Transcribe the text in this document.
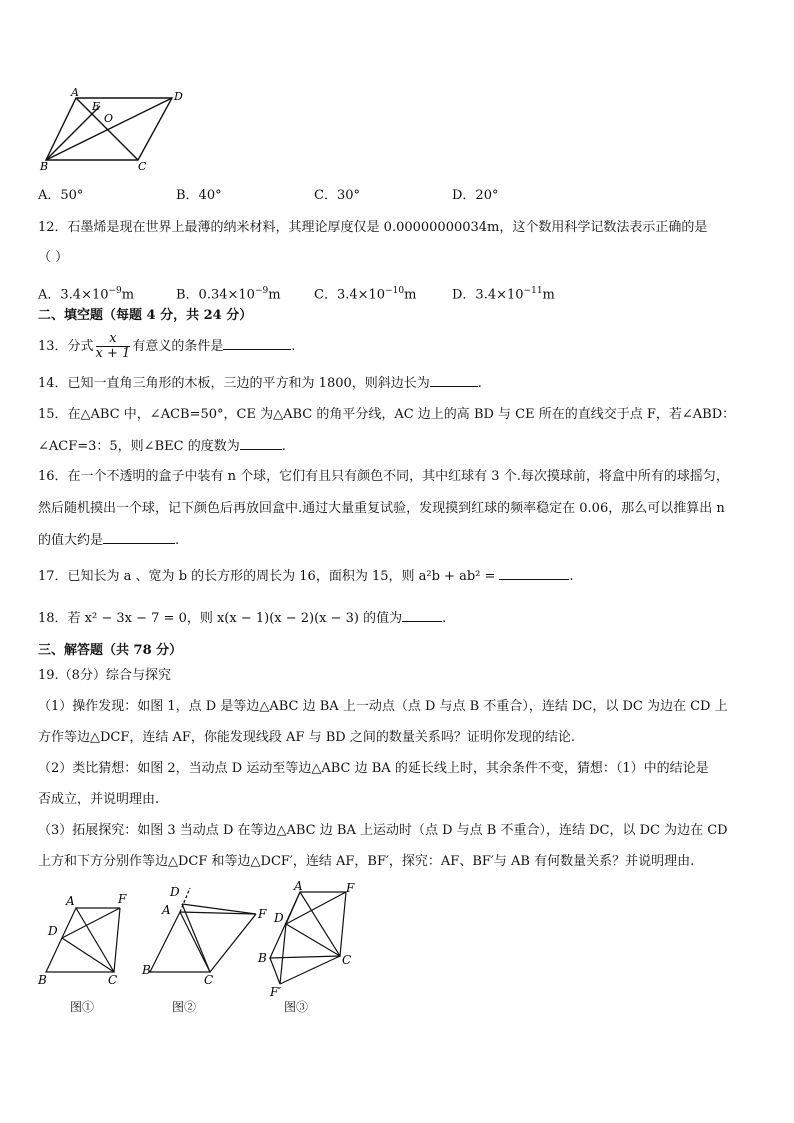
A	D
E
O
B	C
A．50°	B．40°	C．30°	D．20°
12．石墨烯是现在世界上最薄的纳米材料，其理论厚度仅是 0.00000000034m，这个数用科学记数法表示正确的是
（ ）
A．$3.4\times 10^{-9}m$	B．$0.34\times 10^{-9}m$	C．$3.4\times 10^{-10}m$	D．$3.4\times 10^{-11}m$
二、填空题（每题 4 分，共 24 分）
13．分式 $\frac{x}{x + 1}$ 有意义的条件是	.
14．已知一直角三角形的木板，三边的平方和为 1800，则斜边长为	.
15．在△ABC 中，∠ACB=50°，CE 为△ABC 的角平分线，AC 边上的高 BD 与 CE 所在的直线交于点 F，若∠ABD：
∠ACF=3：5，则∠BEC 的度数为	.
16．在一个不透明的盒子中装有 n 个球，它们有且只有颜色不同，其中红球有 3 个.每次摸球前，将盒中所有的球摇匀，
然后随机摸出一个球，记下颜色后再放回盒中.通过大量重复试验，发现摸到红球的频率稳定在 0.06，那么可以推算出 n
的值大约是	.
17．已知长为 a 、宽为 b 的长方形的周长为 16，面积为 15，则 a²b + ab² =	.
18．若 x² − 3x − 7 = 0，则 x(x − 1)(x − 2)(x − 3) 的值为	.
三、解答题（共 78 分）
19.（8分）综合与探究
（1）操作发现：如图 1，点 D 是等边△ABC 边 BA 上一动点（点 D 与点 B 不重合），连结 DC，以 DC 为边在 CD 上
方作等边△DCF，连结 AF，你能发现线段 AF 与 BD 之间的数量关系吗？证明你发现的结论.
（2）类比猜想：如图 2，当动点 D 运动至等边△ABC 边 BA 的延长线上时，其余条件不变，猜想：（1）中的结论是
否成立，并说明理由.
（3）拓展探究：如图 3 当动点 D 在等边△ABC 边 BA 上运动时（点 D 与点 B 不重合），连结 DC，以 DC 为边在 CD
上方和下方分别作等边△DCF 和等边△DCF′，连结 AF，BF′，探究：AF、BF′与 AB 有何数量关系？并说明理由.
A	F
D
B	C
图①
D
A	F
B
C
图②
A	F
D
B	C
F′
图③
